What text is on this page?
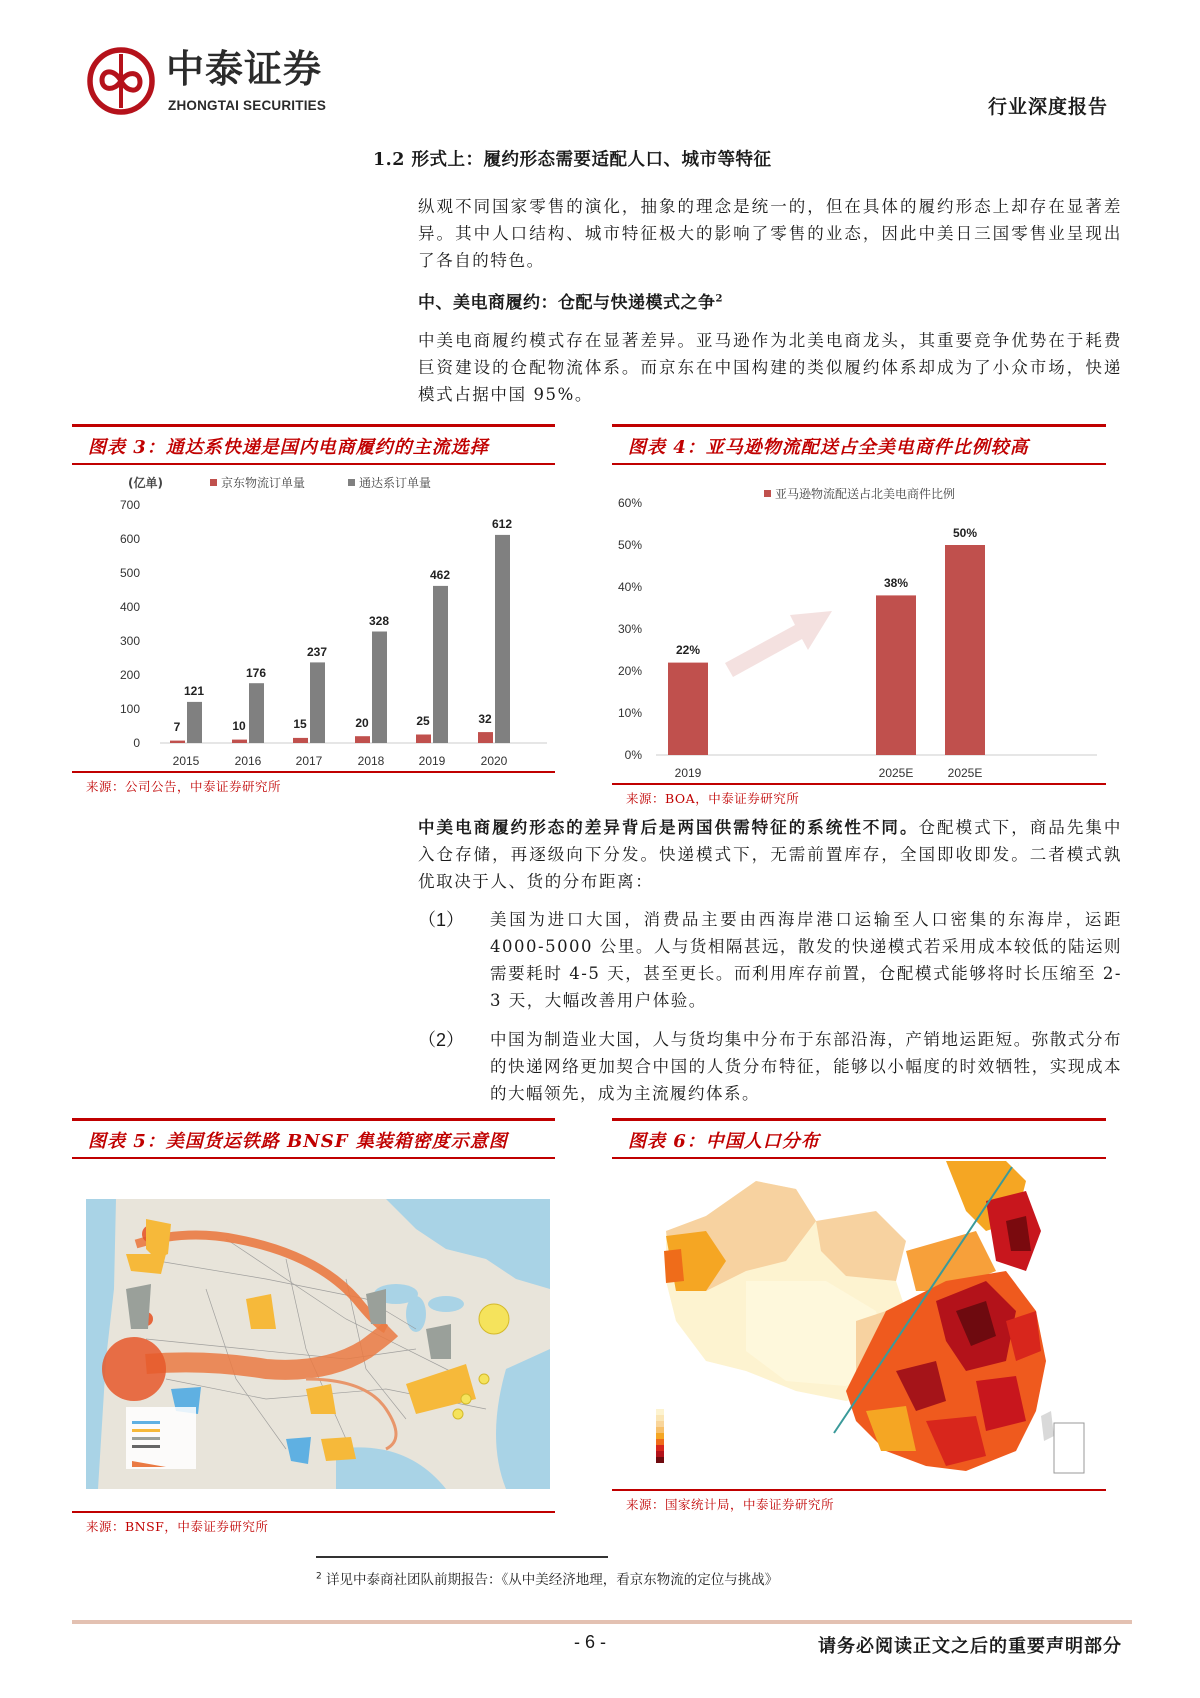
中泰证券
ZHONGTAI SECURITIES	行业深度报告
1.2 形式上：履约形态需要适配人口、城市等特征
纵观不同国家零售的演化，抽象的理念是统一的，但在具体的履约形态上却存在显著差异。其中人口结构、城市特征极大的影响了零售的业态，因此中美日三国零售业呈现出了各自的特色。
中、美电商履约：仓配与快递模式之争$^2$
中美电商履约模式存在显著差异。亚马逊作为北美电商龙头，其重要竞争优势在于耗费巨资建设的仓配物流体系。而京东在中国构建的类似履约体系却成为了小众市场，快递模式占据中国 95%。
图表 3：通达系快递是国内电商履约的主流选择
(亿单)	京东物流订单量	通达系订单量
0
100
200
300
400
500
600
700
7
121
10
176
15
237
20
328
25
462
32
612
2015	2016	2017	2018	2019	2020
来源：公司公告，中泰证券研究所
图表 4：亚马逊物流配送占全美电商件比例较高
亚马逊物流配送占北美电商件比例
0%
10%
20%
30%
40%
50%
60%
22%
38%
50%
2019	2025E	2025E
来源：BOA，中泰证券研究所
中美电商履约形态的差异背后是两国供需特征的系统性不同。仓配模式下，商品先集中入仓存储，再逐级向下分发。快递模式下，无需前置库存，全国即收即发。二者模式孰优取决于人、货的分布距离：
（1）	美国为进口大国，消费品主要由西海岸港口运输至人口密集的东海岸，运距 4000-5000 公里。人与货相隔甚远，散发的快递模式若采用成本较低的陆运则需要耗时 4-5 天，甚至更长。而利用库存前置，仓配模式能够将时长压缩至 2-3 天，大幅改善用户体验。
（2）	中国为制造业大国，人与货均集中分布于东部沿海，产销地运距短。弥散式分布的快递网络更加契合中国的人货分布特征，能够以小幅度的时效牺牲，实现成本的大幅领先，成为主流履约体系。
图表 5：美国货运铁路 BNSF 集装箱密度示意图
来源：BNSF，中泰证券研究所
图表 6：中国人口分布
来源：国家统计局，中泰证券研究所
$^2$ 详见中泰商社团队前期报告：《从中美经济地理，看京东物流的定位与挑战》
- 6 -	请务必阅读正文之后的重要声明部分
